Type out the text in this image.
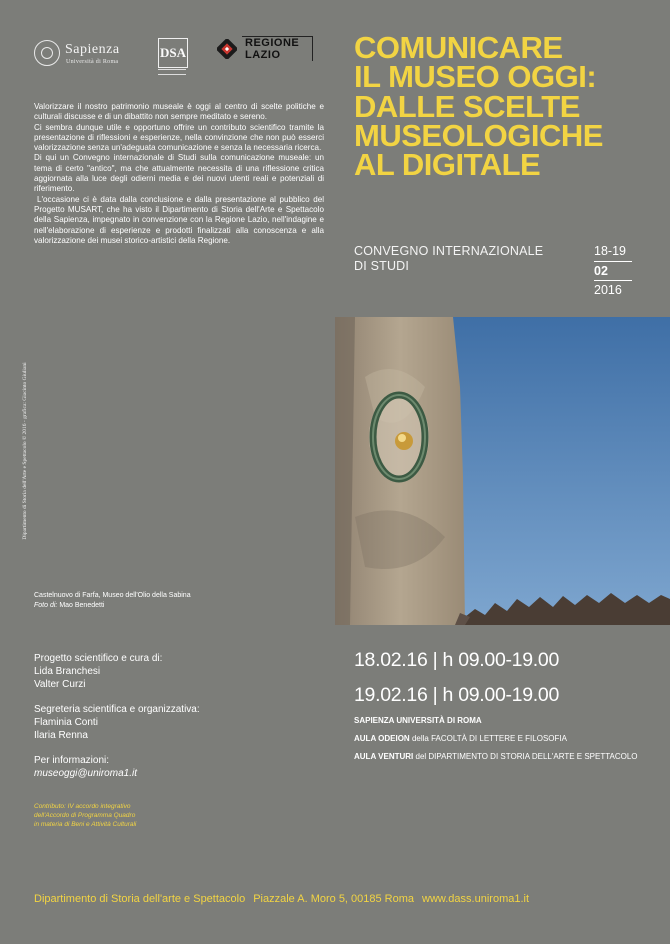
Sapienza
Università di Roma
DSA
REGIONE
LAZIO

Valorizzare il nostro patrimonio museale è oggi al centro di scelte politiche e culturali discusse e di un dibattito non sempre meditato e sereno.

Ci sembra dunque utile e opportuno offrire un contributo scientifico tramite la presentazione di riflessioni e esperienze, nella convinzione che non può esserci valorizzazione senza un'adeguata comunicazione e senza la necessaria ricerca.

Di qui un Convegno internazionale di Studi sulla comunicazione museale: un tema di certo "antico", ma che attualmente necessita di una riflessione critica aggiornata alla luce degli odierni media e dei nuovi utenti reali e potenziali di riferimento.

L'occasione ci è data dalla conclusione e dalla presentazione al pubblico del Progetto MUSART, che ha visto il Dipartimento di Storia dell'Arte e Spettacolo della Sapienza, impegnato in convenzione con la Regione Lazio, nell'indagine e nell'elaborazione di esperienze e prodotti finalizzati alla conoscenza e alla valorizzazione dei musei storico-artistici della Regione.

Dipartimento di Storia dell'Arte e Spettacolo © 2016 - grafica: Giacinto Giuliani
COMUNICARE
IL MUSEO OGGI:
DALLE SCELTE
MUSEOLOGICHE
AL DIGITALE
CONVEGNO INTERNAZIONALE
DI STUDI
18-19
02
2016
Castelnuovo di Farfa, Museo dell'Olio della Sabina
Foto di: Mao Benedetti
Progetto scientifico e cura di:
Lida Branchesi
Valter Curzi
Segreteria scientifica e organizzativa:
Flaminia Conti
Ilaria Renna
Per informazioni:
museoggi@uniroma1.it
Contributo: IV accordo integrativo
dell'Accordo di Programma Quadro
in materia di Beni e Attività Culturali
18.02.16 | h 09.00-19.00
19.02.16 | h 09.00-19.00
SAPIENZA UNIVERSITÀ DI ROMA
AULA ODEION della FACOLTÀ DI LETTERE E FILOSOFIA
AULA VENTURI del DIPARTIMENTO DI STORIA DELL'ARTE E SPETTACOLO
Dipartimento di Storia dell'arte e Spettacolo Piazzale A. Moro 5, 00185 Roma www.dass.uniroma1.it
